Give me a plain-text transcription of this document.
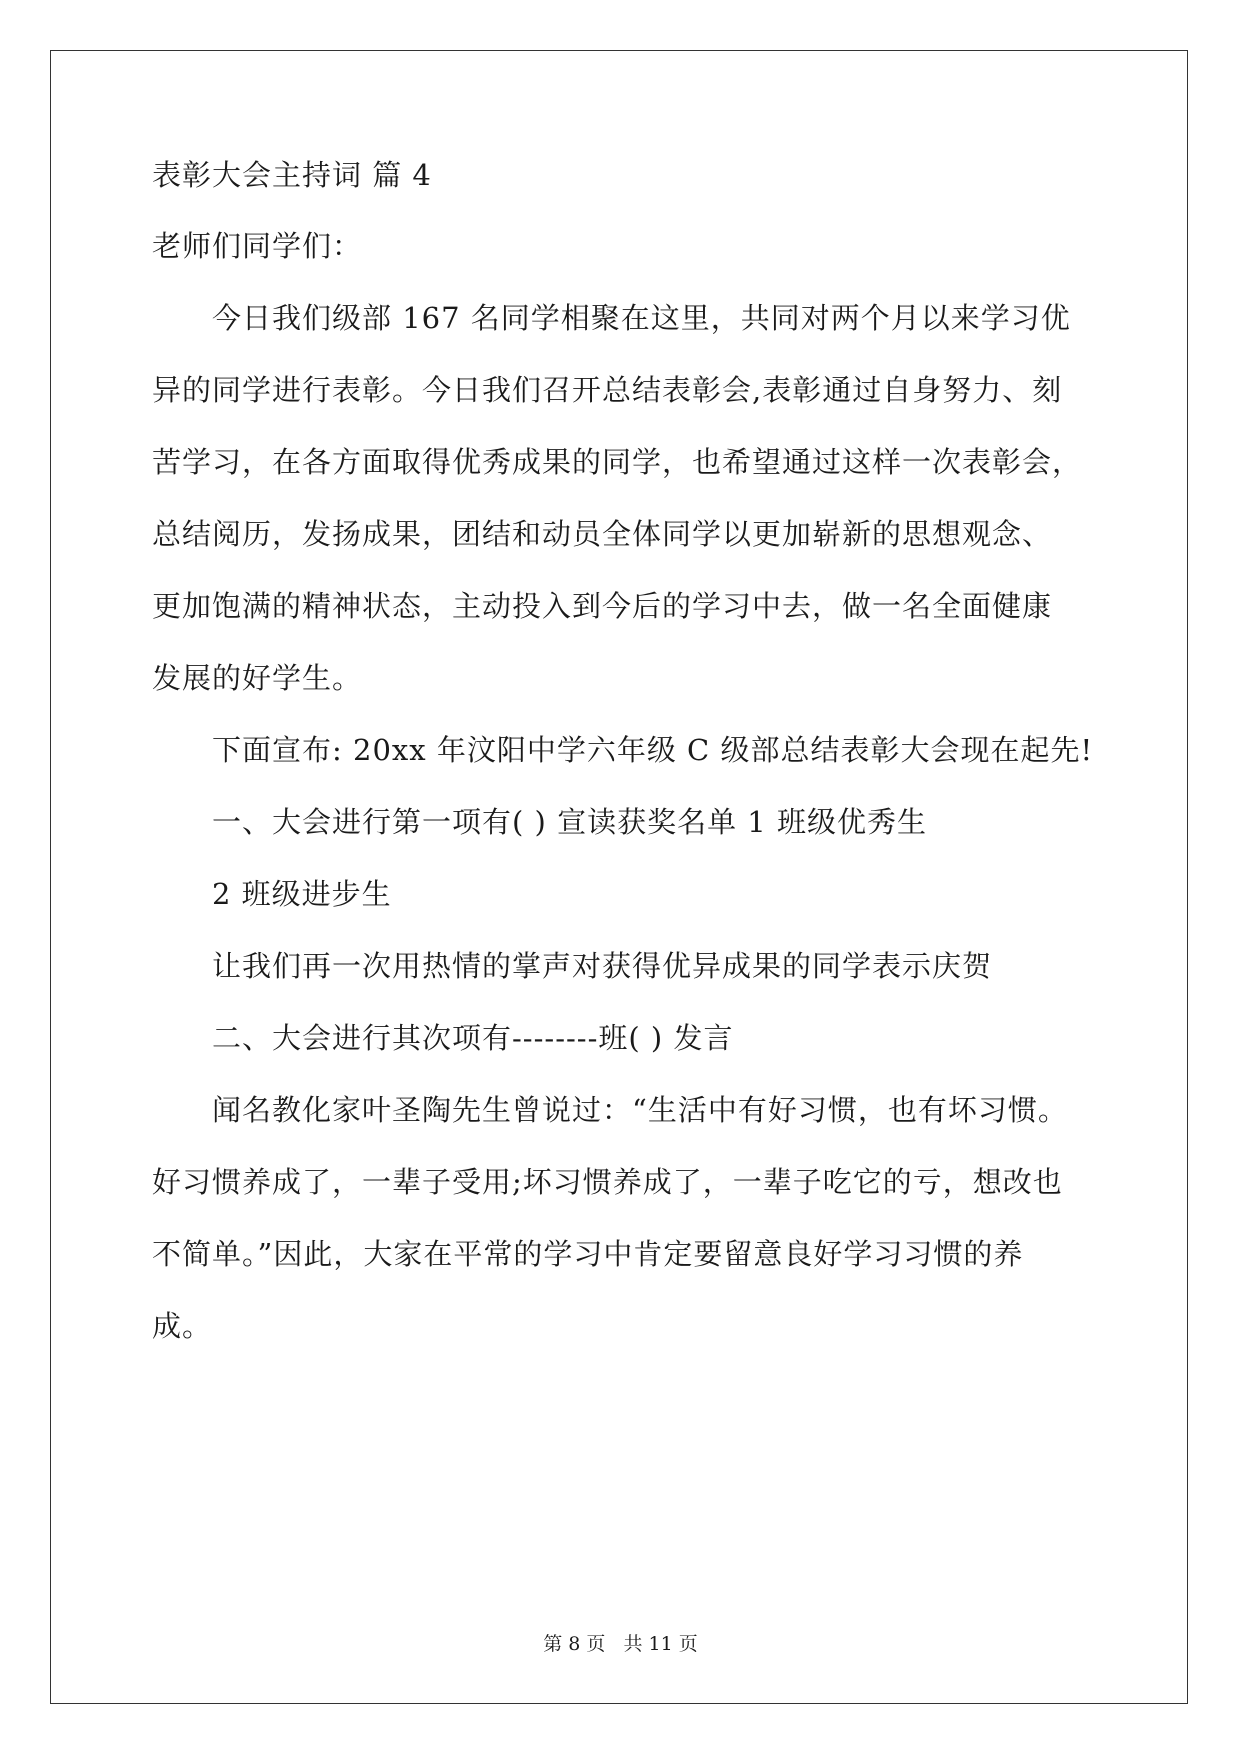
表彰大会主持词 篇 4
老师们同学们：
今日我们级部 167 名同学相聚在这里，共同对两个月以来学习优
异的同学进行表彰。今日我们召开总结表彰会,表彰通过自身努力、刻
苦学习，在各方面取得优秀成果的同学，也希望通过这样一次表彰会，
总结阅历，发扬成果，团结和动员全体同学以更加崭新的思想观念、
更加饱满的精神状态，主动投入到今后的学习中去，做一名全面健康
发展的好学生。
下面宣布: 20xx 年汶阳中学六年级 C 级部总结表彰大会现在起先!
一、大会进行第一项有( ) 宣读获奖名单 1 班级优秀生
2 班级进步生
让我们再一次用热情的掌声对获得优异成果的同学表示庆贺
二、大会进行其次项有--------班( ) 发言
闻名教化家叶圣陶先生曾说过：“生活中有好习惯，也有坏习惯。
好习惯养成了，一辈子受用;坏习惯养成了，一辈子吃它的亏，想改也
不简单。”因此，大家在平常的学习中肯定要留意良好学习习惯的养
成。
第 8 页   共 11 页
